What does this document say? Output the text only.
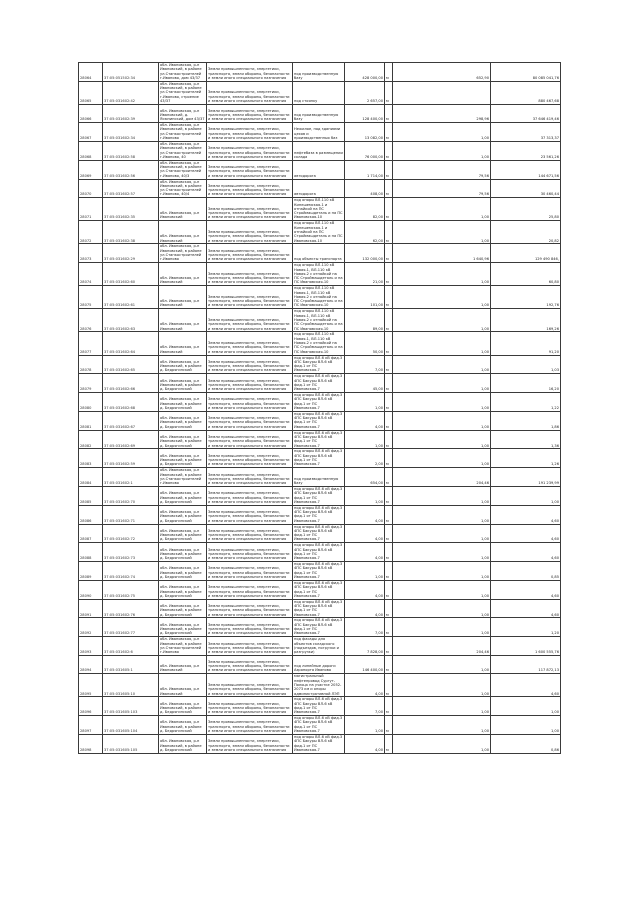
28064	37:05:051502:34	обл. Ивановская, р-н Ивановский, в районе ул.Станкостроителей г.Иваново, дом 43/37	Земли промышленности, энергетики, транспорта, земли обороны, безопасности и земли иного специального назначения	под производственную базу	428 000,00	м	652,90	80 085 041,76
28065	37:05:031602:42	обл. Ивановская, р-н Ивановский, в районе ул.Станкостроителей г.Иваново, строение 43/37	Земли промышленности, энергетики, транспорта, земли обороны, безопасности и земли иного специального назначения	под стоянку	2 657,00	м		880 467,68
28066	37:05:031602:39	обл. Ивановская, р-н Ивановский, д. Ясюнинский, дом 43/37	Земли промышленности, энергетики, транспорта, земли обороны, безопасности и земли иного специального назначения	под производственную базу	128 400,00	м	298,96	37 646 419,46
28067	37:05:031602:34	обл. Ивановская, р-н Ивановский, в районе ул.Станкостроителей г.Иваново	Земли промышленности, энергетики, транспорта, земли обороны, безопасности и земли иного специального назначения	Нежилое, под зданиями цехов и производственных баз	13 082,00	м	1,00	37 313,37
28068	37:05:031602:58	обл. Ивановская, р-н Ивановский, в районе ул.Станкостроителей г.Иваново, 40	Земли промышленности, энергетики, транспорта, земли обороны, безопасности и земли иного специального назначения	нефтебаза в размещении склада	76 000,00	м	1,00	23 561,26
28069	37:05:031602:56	обл. Ивановская, р-н Ивановский, в районе ул.Станкостроителей г.Иваново, 40/3	Земли промышленности, энергетики, транспорта, земли обороны, безопасности и земли иного специального назначения	автодорога	1 714,00	м	79,56	144 671,56
28070	37:05:031602:57	обл. Ивановская, р-н Ивановский, в районе ул.Станкостроителей г.Иваново, 40/4	Земли промышленности, энергетики, транспорта, земли обороны, безопасности и земли иного специального назначения	автодорога	408,00	м	79,56	30 460,44
28071	37:05:031602:35	обл. Ивановская, р-н Ивановский	Земли промышленности, энергетики, транспорта, земли обороны, безопасности и земли иного специального назначения	под опоры ВЛ-110 кВ Кинешемская-1 и отпайкой на ПС Строймашдеталь и на ПС Ивановская-10	82,00	м	1,00	25,80
28072	37:05:031602:38	обл. Ивановская, р-н Ивановский	Земли промышленности, энергетики, транспорта, земли обороны, безопасности и земли иного специального назначения	под опоры ВЛ-110 кВ Кинешемская-1 и отпайкой на ПС Строймашдеталь и на ПС Ивановская-10	62,00	м	1,00	20,82
28073	37:05:031602:29	обл. Ивановская, р-н Ивановский, в районе ул.Станкостроителей г.Иваново	Земли промышленности, энергетики, транспорта, земли обороны, безопасности и земли иного специального назначения	под объекты транспорта	132 000,00	м	1 640,96	129 490 846,
28074	37:05:031602:60	обл. Ивановская, р-н Ивановский	Земли промышленности, энергетики, транспорта, земли обороны, безопасности и земли иного специального назначения	под опоры ВЛ-110 кВ Новая-1, ВЛ-110 кВ Новая-2 с отпайкой на ПС Строймашдеталь и на ПС Ивановская-10	21,00	м	1,00	60,80
28075	37:05:031602:61	обл. Ивановская, р-н Ивановский	Земли промышленности, энергетики, транспорта, земли обороны, безопасности и земли иного специального назначения	под опоры ВЛ-110 кВ Новая-1, ВЛ-110 кВ Новая-2 с отпайкой на ПС Строймашдеталь и на ПС Ивановская-10	101,00	м	1,00	192,76
28076	37:05:031602:63	обл. Ивановская, р-н Ивановский	Земли промышленности, энергетики, транспорта, земли обороны, безопасности и земли иного специального назначения	под опоры ВЛ-110 кВ Новая-1, ВЛ-110 кВ Новая-2 с отпайкой на ПС Строймашдеталь и на ПС Ивановская-10	89,00	м	1,00	169,26
28077	37:05:031602:64	обл. Ивановская, р-н Ивановский	Земли промышленности, энергетики, транспорта, земли обороны, безопасности и земли иного специального назначения	под опоры ВЛ-110 кВ Новая-1, ВЛ-110 кВ Новая-2 с отпайкой на ПС Строймашдеталь и на ПС Ивановская-10	50,00	м	1,00	91,20
28078	37:05:031602:65	обл. Ивановская, р-н Ивановский, в районе д. Бедрягинский	Земли промышленности, энергетики, транспорта, земли обороны, безопасности и земли иного специального назначения	под опоры ВЛ-6 кВ фид.3 4ПС Бакуры ВЛ-6 кВ фид.1 от ПС Ивановская-7	7,00	м	1,00	1,03
28079	37:05:031602:66	обл. Ивановская, р-н Ивановский, в районе д. Бедрягинский	Земли промышленности, энергетики, транспорта, земли обороны, безопасности и земли иного специального назначения	под опоры ВЛ-6 кВ фид.3 4ПС Бакуры ВЛ-6 кВ фид.1 от ПС Ивановская-7	45,00	м	1,00	16,20
28080	37:05:031602:68	обл. Ивановская, р-н Ивановский, в районе д. Бедрягинский	Земли промышленности, энергетики, транспорта, земли обороны, безопасности и земли иного специального назначения	под опоры ВЛ-6 кВ фид.3 4ПС Бакуры ВЛ-6 кВ фид.1 от ПС Ивановская-7	1,00	м	1,00	1,22
28081	37:05:031602:67	обл. Ивановская, р-н Ивановский, в районе д. Бедрягинский	Земли промышленности, энергетики, транспорта, земли обороны, безопасности и земли иного специального назначения	под опоры ВЛ-6 кВ фид.3 4ПС Бакуры ВЛ-6 кВ фид.1 от ПС Ивановская-7	4,00	м	1,00	1,86
28082	37:05:031602:69	обл. Ивановская, р-н Ивановский, в районе д. Бедрягинский	Земли промышленности, энергетики, транспорта, земли обороны, безопасности и земли иного специального назначения	под опоры ВЛ-6 кВ фид.3 4ПС Бакуры ВЛ-6 кВ фид.1 от ПС Ивановская-7	1,00	м	1,00	1,36
28083	37:05:031602:59	обл. Ивановская, р-н Ивановский, в районе д. Бедрягинский	Земли промышленности, энергетики, транспорта, земли обороны, безопасности и земли иного специального назначения	под опоры ВЛ-6 кВ фид.3 4ПС Бакуры ВЛ-6 кВ фид.1 от ПС Ивановская-7	2,00	м	1,00	1,26
28084	37:05:031602:1	обл. Ивановская, р-н Ивановский, в районе ул.Станкостроителей г.Иваново	Земли промышленности, энергетики, транспорта, земли обороны, безопасности и земли иного специального назначения	под производственную базу	654,00	м	204,46	191 239,99
28085	37:05:031602:70	обл. Ивановская, р-н Ивановский, в районе д. Бедрягинский	Земли промышленности, энергетики, транспорта, земли обороны, безопасности и земли иного специального назначения	под опоры ВЛ-6 кВ фид.3 4ПС Бакуры ВЛ-6 кВ фид.1 от ПС Ивановская-7	1,00	м	1,00	1,00
28086	37:05:031602:71	обл. Ивановская, р-н Ивановский, в районе д. Бедрягинский	Земли промышленности, энергетики, транспорта, земли обороны, безопасности и земли иного специального назначения	под опоры ВЛ-6 кВ фид.3 4ПС Бакуры ВЛ-6 кВ фид.1 от ПС Ивановская-7	4,00	м	1,00	4,60
28087	37:05:031602:72	обл. Ивановская, р-н Ивановский, в районе д. Бедрягинский	Земли промышленности, энергетики, транспорта, земли обороны, безопасности и земли иного специального назначения	под опоры ВЛ-6 кВ фид.3 4ПС Бакуры ВЛ-6 кВ фид.1 от ПС Ивановская-7	4,00	м	1,00	4,60
28088	37:05:031602:73	обл. Ивановская, р-н Ивановский, в районе д. Бедрягинский	Земли промышленности, энергетики, транспорта, земли обороны, безопасности и земли иного специального назначения	под опоры ВЛ-6 кВ фид.3 4ПС Бакуры ВЛ-6 кВ фид.1 от ПС Ивановская-7	4,00	м	1,00	4,60
28089	37:05:031602:74	обл. Ивановская, р-н Ивановский, в районе д. Бедрягинский	Земли промышленности, энергетики, транспорта, земли обороны, безопасности и земли иного специального назначения	под опоры ВЛ-6 кВ фид.3 4ПС Бакуры ВЛ-6 кВ фид.1 от ПС Ивановская-7	1,00	м	1,00	0,85
28090	37:05:031602:75	обл. Ивановская, р-н Ивановский, в районе д. Бедрягинский	Земли промышленности, энергетики, транспорта, земли обороны, безопасности и земли иного специального назначения	под опоры ВЛ-6 кВ фид.3 4ПС Бакуры ВЛ-6 кВ фид.1 от ПС Ивановская-7	4,00	м	1,00	4,60
28091	37:05:031602:76	обл. Ивановская, р-н Ивановский, в районе д. Бедрягинский	Земли промышленности, энергетики, транспорта, земли обороны, безопасности и земли иного специального назначения	под опоры ВЛ-6 кВ фид.3 4ПС Бакуры ВЛ-6 кВ фид.1 от ПС Ивановская-7	4,00	м	1,00	4,60
28092	37:05:031602:77	обл. Ивановская, р-н Ивановский, в районе д. Бедрягинский	Земли промышленности, энергетики, транспорта, земли обороны, безопасности и земли иного специального назначения	под опоры ВЛ-6 кВ фид.3 4ПС Бакуры ВЛ-6 кВ фид.1 от ПС Ивановская-7	7,00	м	1,00	1,20
28093	37:05:031602:6	обл. Ивановская, р-н Ивановский, в районе ул.Станкостроителей г.Иваново	Земли промышленности, энергетики, транспорта, земли обороны, безопасности и земли иного специального назначения	под фасады для объектов складского (подъездов, погрузки и разгрузки)	7 828,00	м	204,46	1 600 555,76
28094	37:05:031605:1	обл. Ивановская, р-н Ивановский	Земли промышленности, энергетики, транспорта, земли обороны, безопасности и земли иного специального назначения	под линейные дороги Аэропорта Иваново	146 400,00	м	1,00	117 872,13
28095	37:05:031605:10	обл. Ивановская, р-н Ивановский	Земли промышленности, энергетики, транспорта, земли обороны, безопасности и земли иного специального назначения	магистральный нефтепровод Сургут-Полоцк на участке 2052-2073 км и опоры административной ЛЭП	4,00	м	1,00	4,60
28096	37:05:031605:103	обл. Ивановская, р-н Ивановский, в районе д. Бедрягинский	Земли промышленности, энергетики, транспорта, земли обороны, безопасности и земли иного специального назначения	под опоры ВЛ-6 кВ фид.3 4ПС Бакуры ВЛ-6 кВ фид.1 от ПС Ивановская-7	7,00	м	1,00	1,00
28097	37:05:031605:104	обл. Ивановская, р-н Ивановский, в районе д. Бедрягинский	Земли промышленности, энергетики, транспорта, земли обороны, безопасности и земли иного специального назначения	под опоры ВЛ-6 кВ фид.3 4ПС Бакуры ВЛ-6 кВ фид.1 от ПС Ивановская-7	1,00	м	1,00	1,00
28098	37:05:031605:105	обл. Ивановская, р-н Ивановский, в районе д. Бедрягинский	Земли промышленности, энергетики, транспорта, земли обороны, безопасности и земли иного специального назначения	под опоры ВЛ-6 кВ фид.3 4ПС Бакуры ВЛ-6 кВ фид.1 от ПС Ивановская-7	4,00	м	1,00	0,86
